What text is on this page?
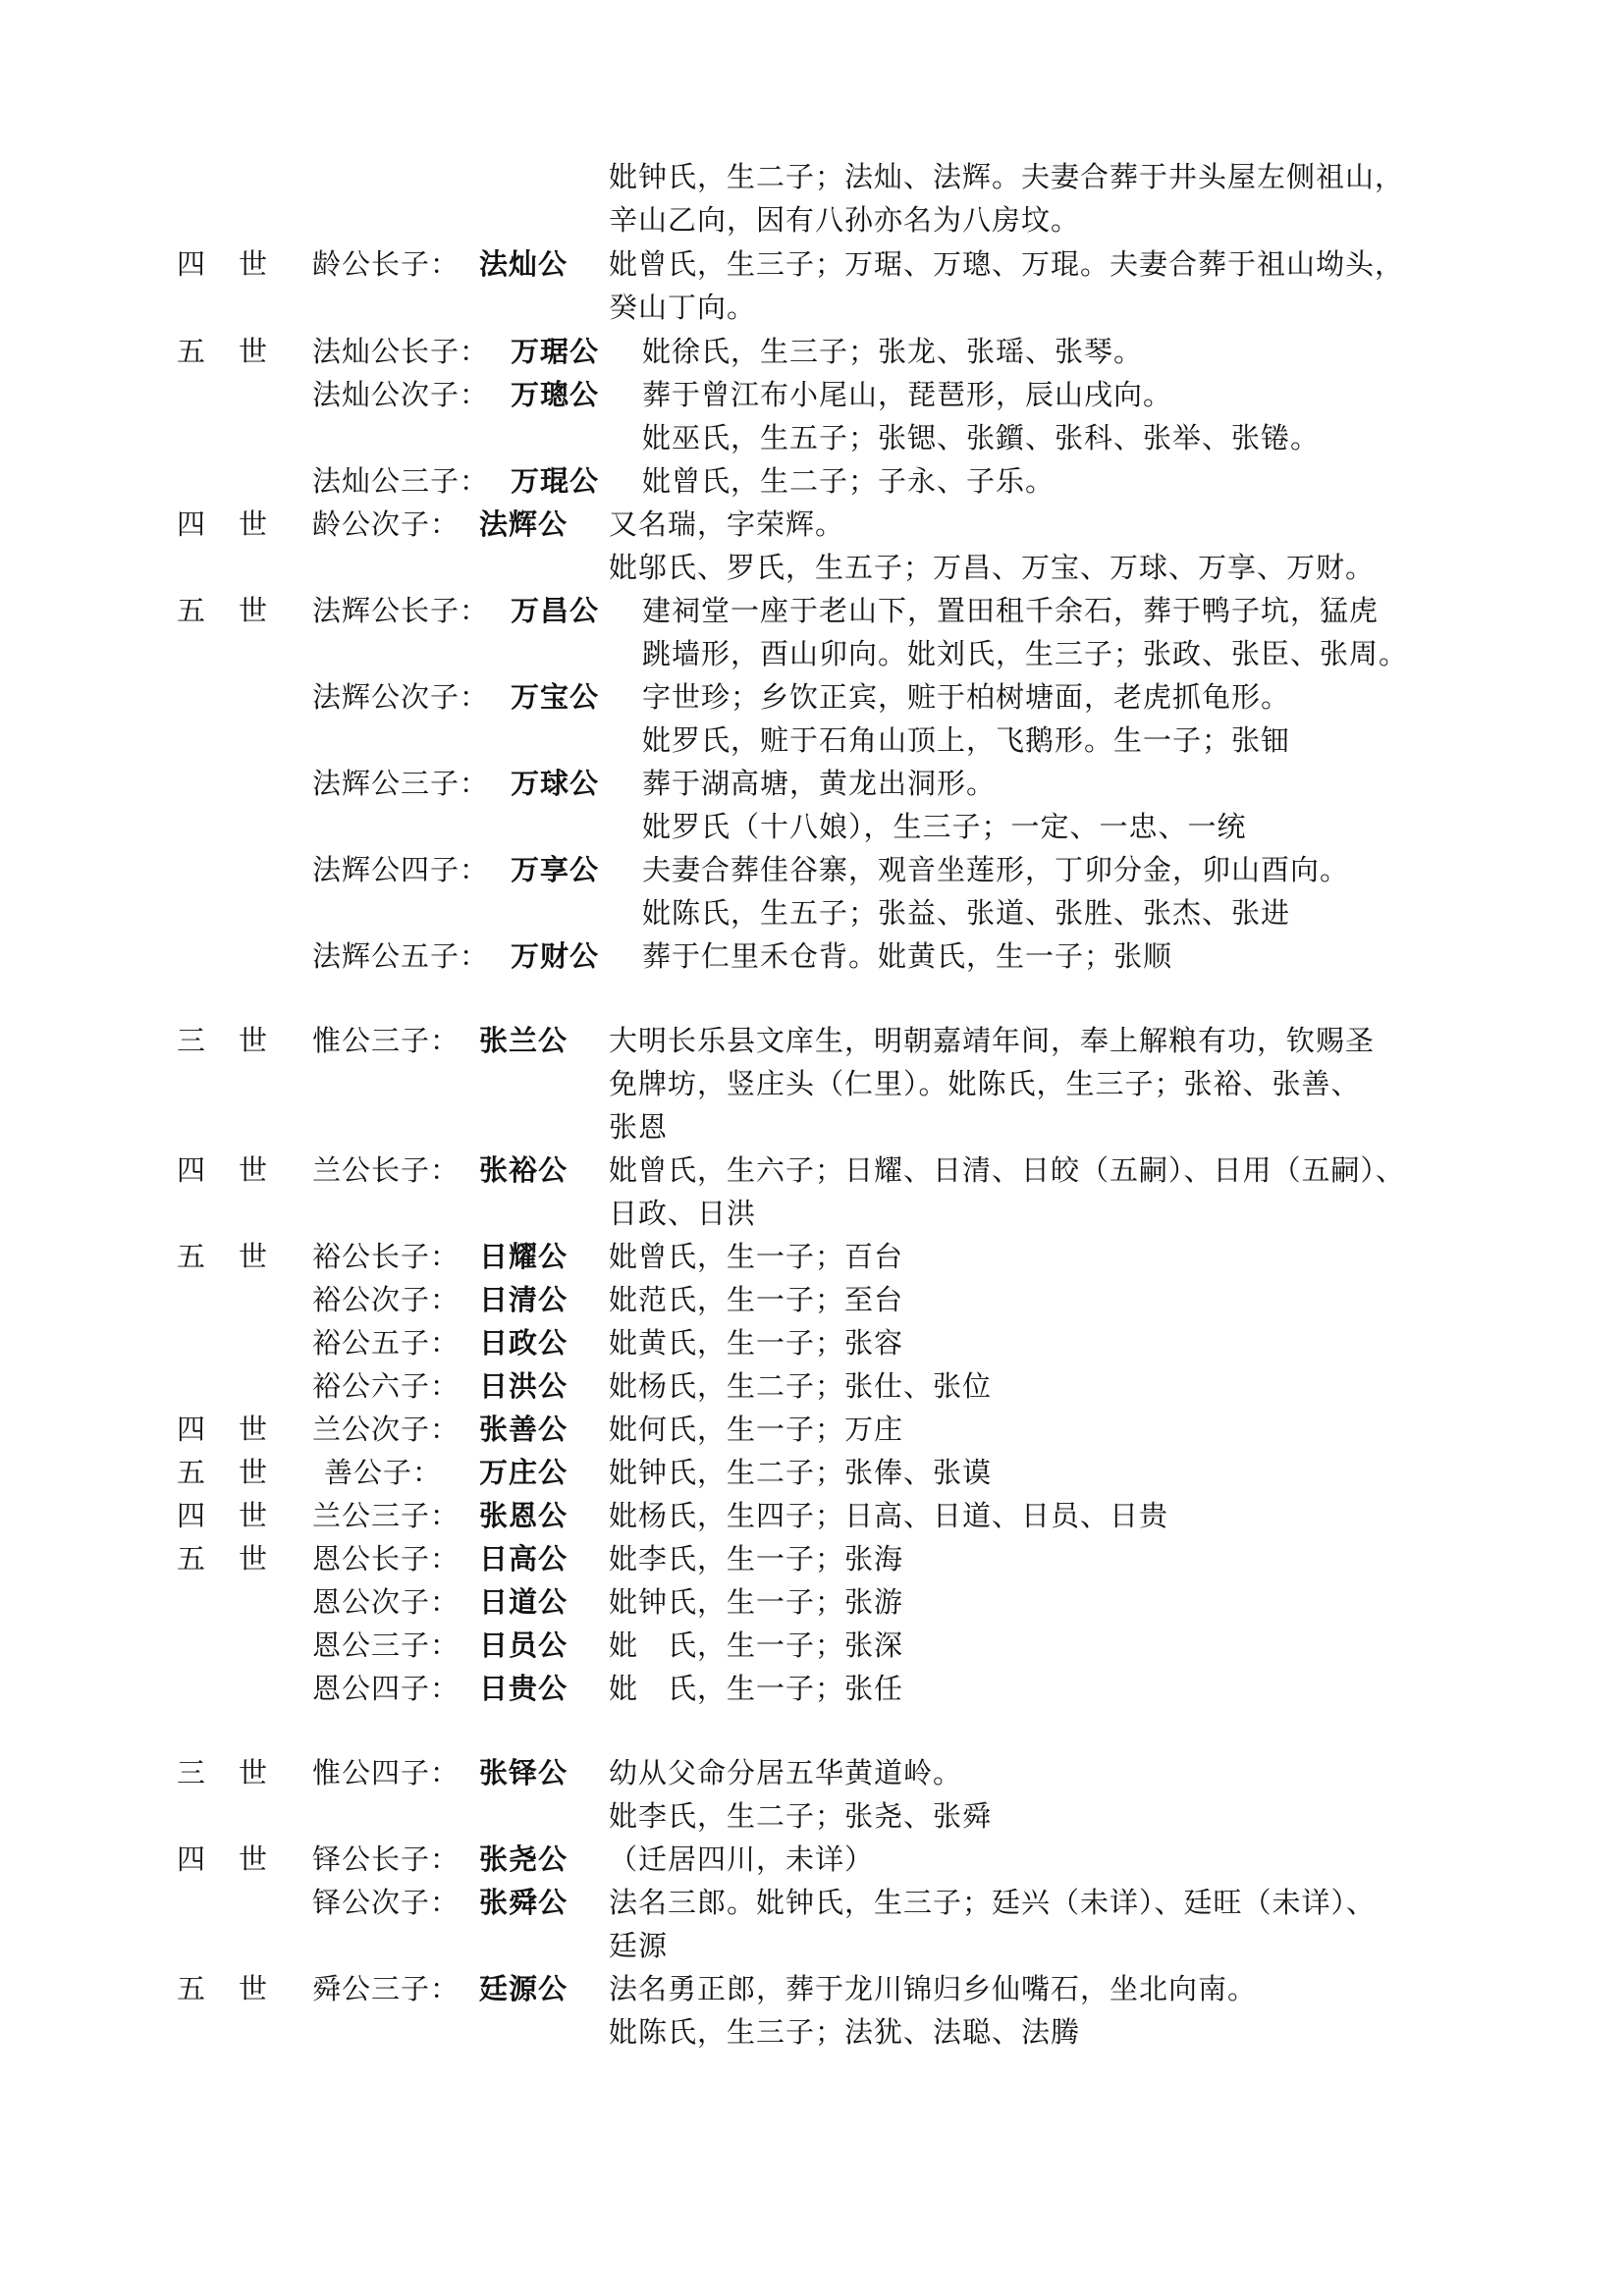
妣钟氏，生二子；法灿、法辉。夫妻合葬于井头屋左侧祖山，
辛山乙向，因有八孙亦名为八房坟。
四世 龄公长子： 法灿公 妣曾氏，生三子；万琚、万璁、万琨。夫妻合葬于祖山坳头，
癸山丁向。
五世 法灿公长子： 万琚公 妣徐氏，生三子；张龙、张瑶、张琴。
法灿公次子： 万璁公 葬于曾江布小尾山，琵琶形，辰山戌向。
妣巫氏，生五子；张锶、张鑕、张科、张举、张锩。
法灿公三子： 万琨公 妣曾氏，生二子；子永、子乐。
四世 龄公次子： 法辉公 又名瑞，字荣辉。
妣邬氏、罗氏，生五子；万昌、万宝、万球、万享、万财。
五世 法辉公长子： 万昌公 建祠堂一座于老山下，置田租千余石，葬于鸭子坑，猛虎
跳墙形，酉山卯向。妣刘氏，生三子；张政、张臣、张周。
法辉公次子： 万宝公 字世珍；乡饮正宾，赃于柏树塘面，老虎抓龟形。
妣罗氏，赃于石角山顶上，飞鹅形。生一子；张钿
法辉公三子： 万球公 葬于湖高塘，黄龙出洞形。
妣罗氏（十八娘），生三子；一定、一忠、一统
法辉公四子： 万享公 夫妻合葬佳谷寨，观音坐莲形，丁卯分金，卯山酉向。
妣陈氏，生五子；张益、张道、张胜、张杰、张进
法辉公五子： 万财公 葬于仁里禾仓背。妣黄氏，生一子；张顺
三世 惟公三子： 张兰公 大明长乐县文庠生，明朝嘉靖年间，奉上解粮有功，钦赐圣
免牌坊，竖庄头（仁里）。妣陈氏，生三子；张裕、张善、
张恩
四世 兰公长子： 张裕公 妣曾氏，生六子；日耀、日清、日皎（五嗣）、日用（五嗣）、
日政、日洪
五世 裕公长子： 日耀公 妣曾氏，生一子；百台
裕公次子： 日清公 妣范氏，生一子；至台
裕公五子： 日政公 妣黄氏，生一子；张容
裕公六子： 日洪公 妣杨氏，生二子；张仕、张位
四世 兰公次子： 张善公 妣何氏，生一子；万庄
五世 善公子： 万庄公 妣钟氏，生二子；张俸、张谟
四世 兰公三子： 张恩公 妣杨氏，生四子；日高、日道、日员、日贵
五世 恩公长子： 日高公 妣李氏，生一子；张海
恩公次子： 日道公 妣钟氏，生一子；张游
恩公三子： 日员公 妣　氏，生一子；张深
恩公四子： 日贵公 妣　氏，生一子；张任
三世 惟公四子： 张铎公 幼从父命分居五华黄道岭。
妣李氏，生二子；张尧、张舜
四世 铎公长子： 张尧公 （迁居四川，未详）
铎公次子： 张舜公 法名三郎。妣钟氏，生三子；廷兴（未详）、廷旺（未详）、
廷源
五世 舜公三子： 廷源公 法名勇正郎，葬于龙川锦归乡仙嘴石，坐北向南。
妣陈氏，生三子；法犹、法聪、法腾
